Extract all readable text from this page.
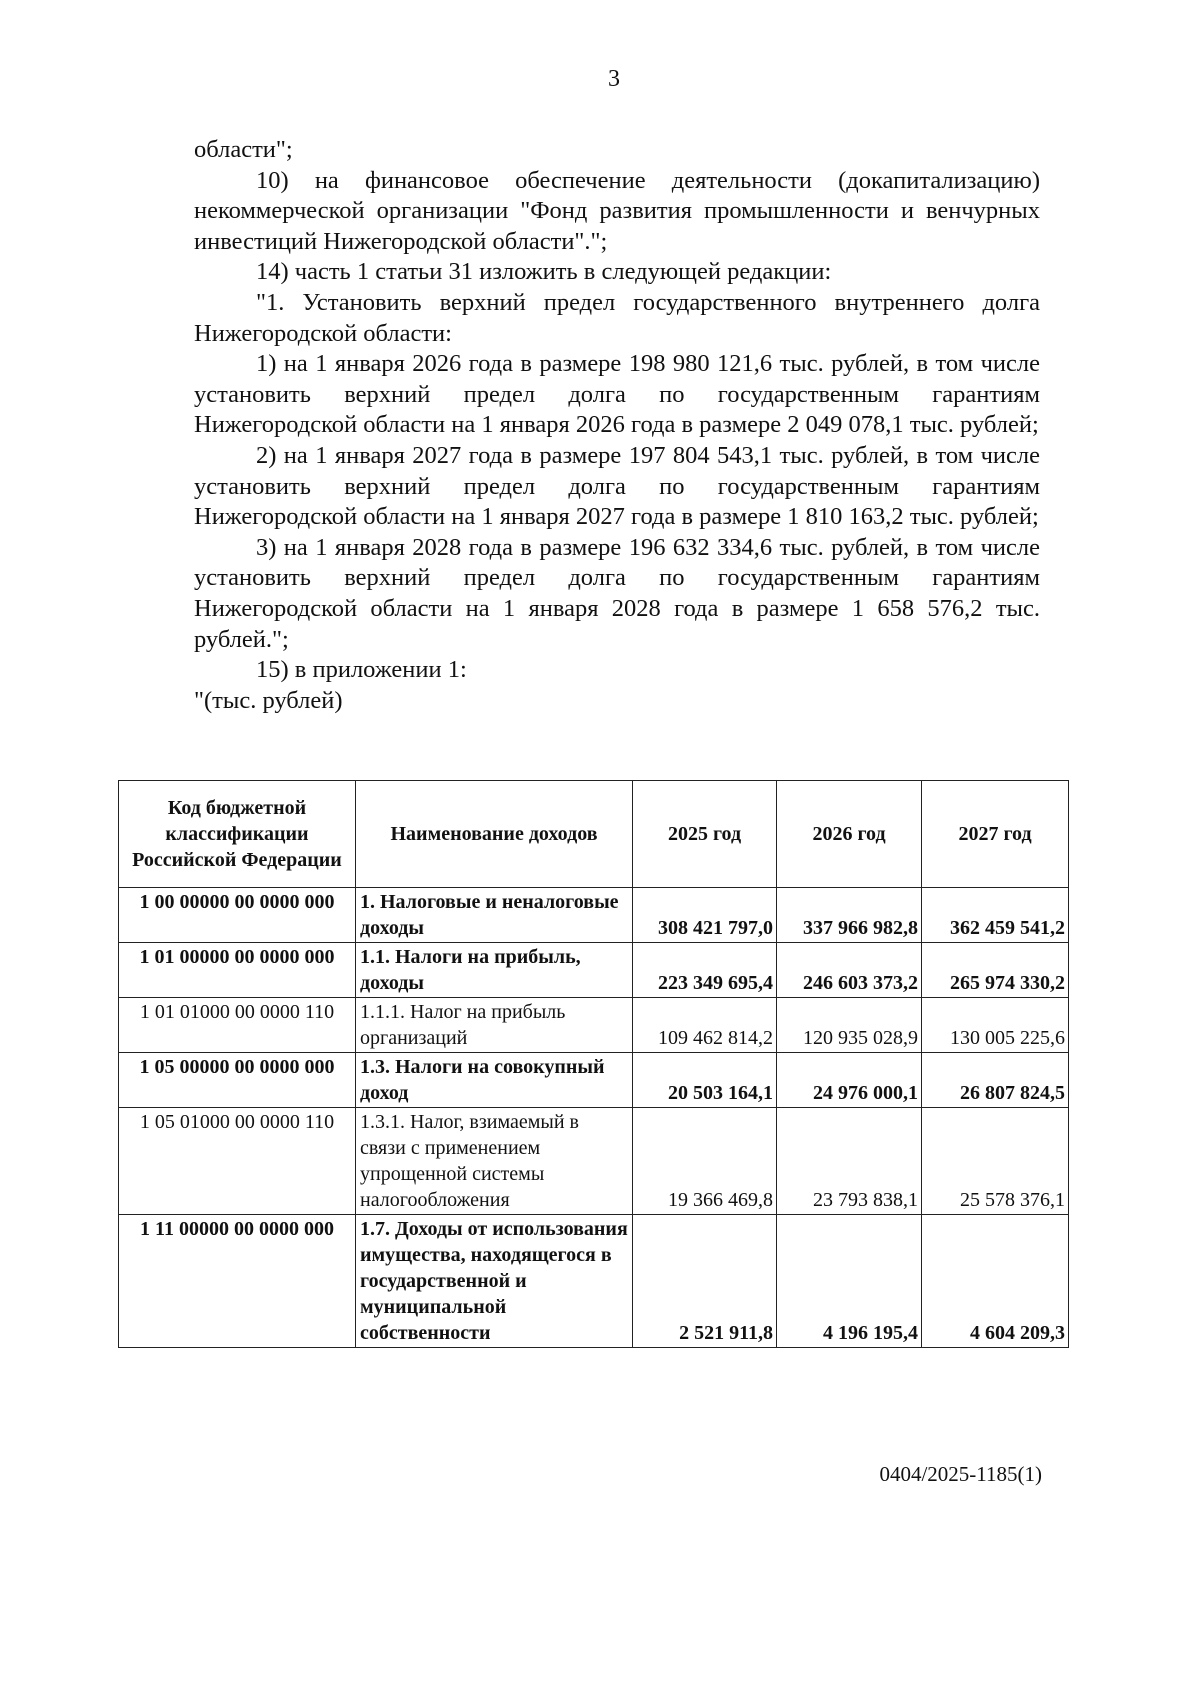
3

области";

10) на финансовое обеспечение деятельности (докапитализацию) некоммерческой организации "Фонд развития промышленности и венчурных инвестиций Нижегородской области".";

14) часть 1 статьи 31 изложить в следующей редакции:

"1. Установить верхний предел государственного внутреннего долга Нижегородской области:

1) на 1 января 2026 года в размере 198 980 121,6 тыс. рублей, в том числе установить верхний предел долга по государственным гарантиям Нижегородской области на 1 января 2026 года в размере 2 049 078,1 тыс. рублей;

2) на 1 января 2027 года в размере 197 804 543,1 тыс. рублей, в том числе установить верхний предел долга по государственным гарантиям Нижегородской области на 1 января 2027 года в размере 1 810 163,2 тыс. рублей;

3) на 1 января 2028 года в размере 196 632 334,6 тыс. рублей, в том числе установить верхний предел долга по государственным гарантиям Нижегородской области на 1 января 2028 года в размере 1 658 576,2 тыс. рублей.";

15) в приложении 1:

"(тыс. рублей)

Код бюджетной классификации Российской Федерации	Наименование доходов	2025 год	2026 год	2027 год
1 00 00000 00 0000 000	1. Налоговые и неналоговые доходы	308 421 797,0	337 966 982,8	362 459 541,2
1 01 00000 00 0000 000	1.1. Налоги на прибыль, доходы	223 349 695,4	246 603 373,2	265 974 330,2
1 01 01000 00 0000 110	1.1.1. Налог на прибыль организаций	109 462 814,2	120 935 028,9	130 005 225,6
1 05 00000 00 0000 000	1.3. Налоги на совокупный доход	20 503 164,1	24 976 000,1	26 807 824,5
1 05 01000 00 0000 110	1.3.1. Налог, взимаемый в связи с применением упрощенной системы налогообложения	19 366 469,8	23 793 838,1	25 578 376,1
1 11 00000 00 0000 000	1.7. Доходы от использования имущества, находящегося в государственной и муниципальной собственности	2 521 911,8	4 196 195,4	4 604 209,3
0404/2025-1185(1)
